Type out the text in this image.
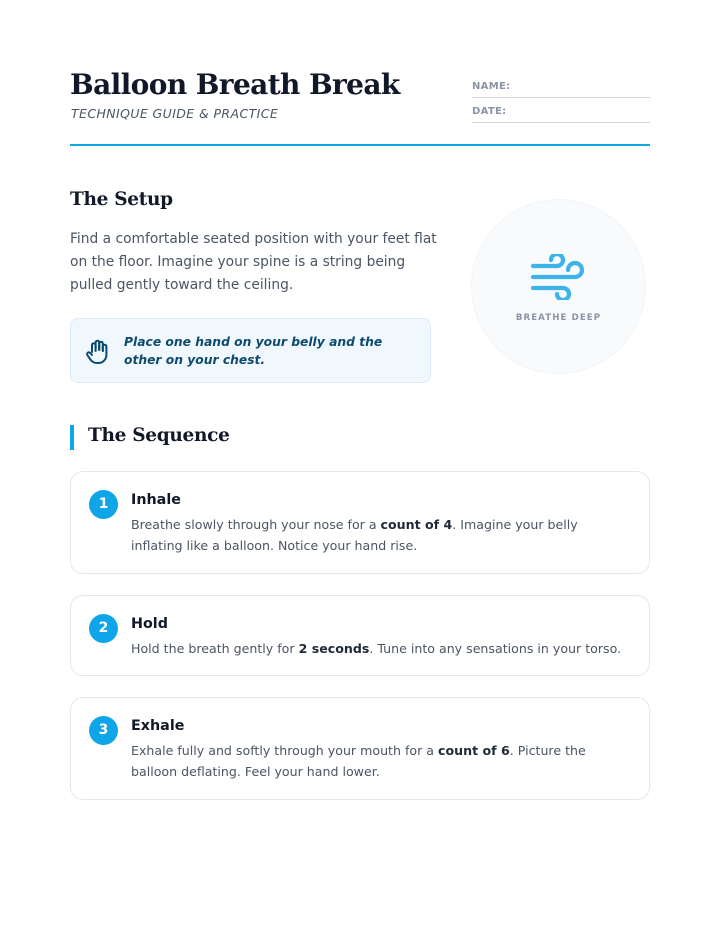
Balloon Breath Break
TECHNIQUE GUIDE & PRACTICE
NAME:
DATE:
The Setup

Find a comfortable seated position with your feet flat on the floor. Imagine your spine is a string being pulled gently toward the ceiling.

Place one hand on your belly and the other on your chest.
BREATHE DEEP
The Sequence
1	Inhale
Breathe slowly through your nose for a count of 4. Imagine your belly inflating like a balloon. Notice your hand rise.
2	Hold
Hold the breath gently for 2 seconds. Tune into any sensations in your torso.
3	Exhale
Exhale fully and softly through your mouth for a count of 6. Picture the balloon deflating. Feel your hand lower.
